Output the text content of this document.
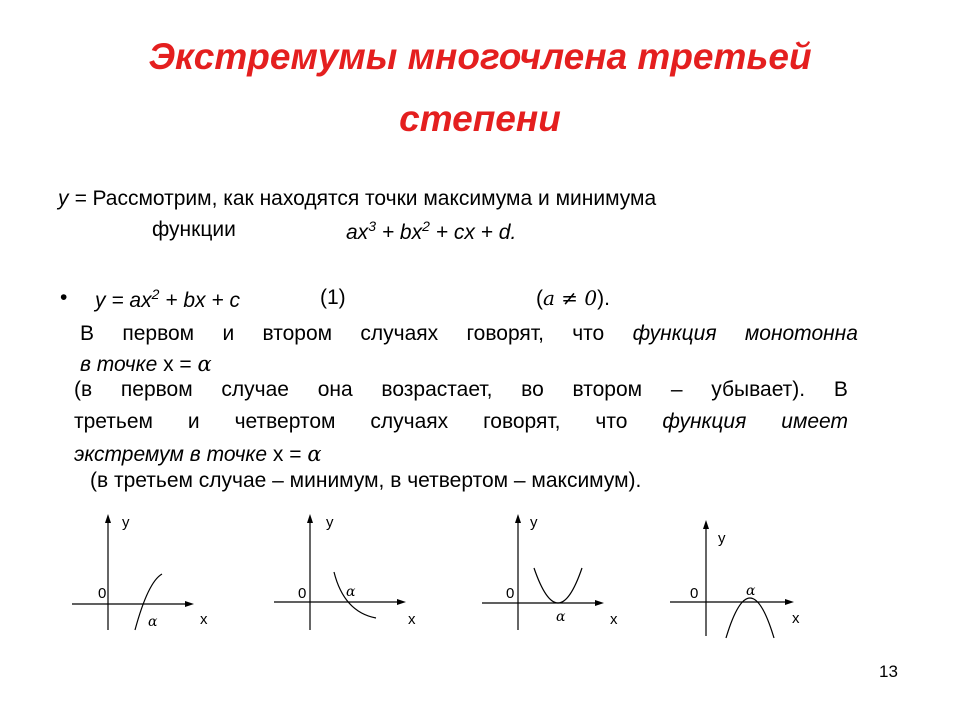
Экстремумы многочлена третьей
степени
y = Рассмотрим, как находятся точки максимума и минимума
функции	$ax^3 + bx^2$ + cx + d.
• $y = ax^2$ + bx + c	(1)	(a ≠ 0).
В первом и втором случаях говорят, что функция монотонна
в точке x = α
(в первом случае она возрастает, во втором – убывает). В
третьем и четвертом случаях говорят, что функция имеет
экстремум в точке x = α
(в третьем случае – минимум, в четвертом – максимум).
y
0
x
α
y
0
x
α
y
0
x
α
y
0
x
α
13
